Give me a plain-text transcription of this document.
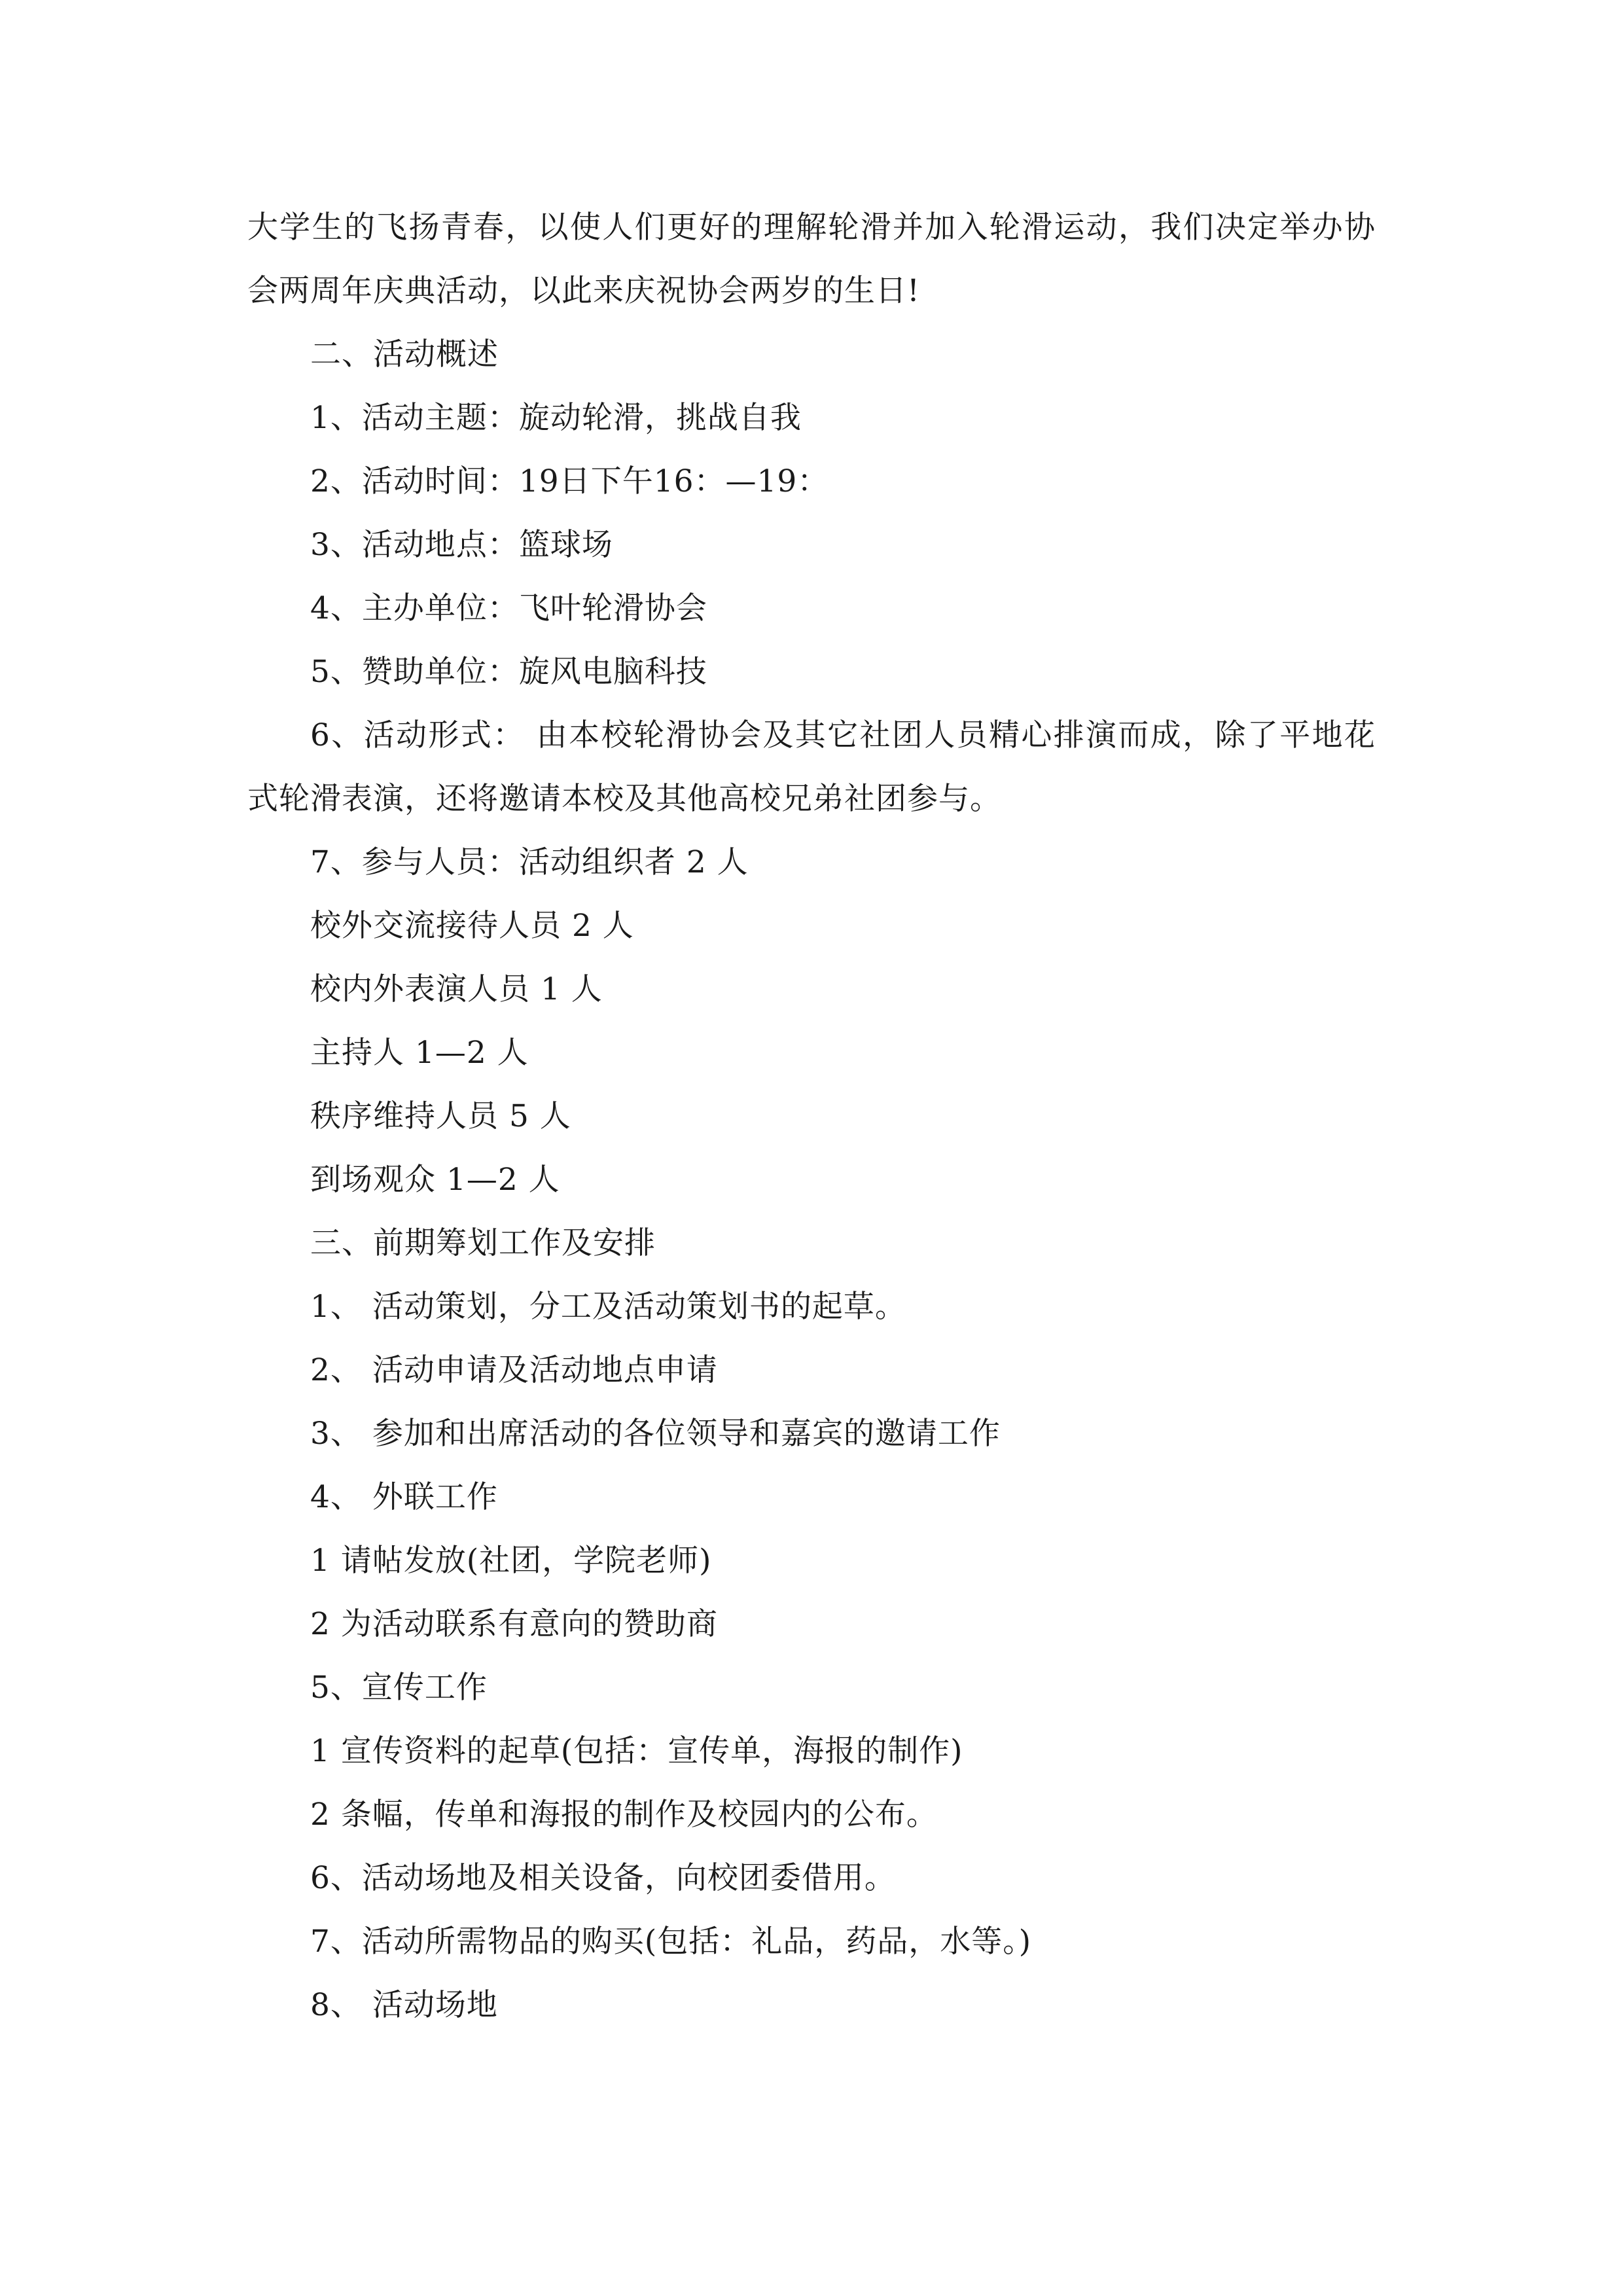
大学生的飞扬青春，以使人们更好的理解轮滑并加入轮滑运动，我们决定举办协
会两周年庆典活动，以此来庆祝协会两岁的生日!
二、活动概述
1、活动主题：旋动轮滑，挑战自我
2、活动时间：19日下午16：—19：
3、活动地点：篮球场
4、主办单位：飞叶轮滑协会
5、赞助单位：旋风电脑科技
6、活动形式： 由本校轮滑协会及其它社团人员精心排演而成，除了平地花
式轮滑表演，还将邀请本校及其他高校兄弟社团参与。
7、参与人员：活动组织者 2 人
校外交流接待人员 2 人
校内外表演人员 1 人
主持人 1—2 人
秩序维持人员 5 人
到场观众 1—2 人
三、前期筹划工作及安排
1、 活动策划，分工及活动策划书的起草。
2、 活动申请及活动地点申请
3、 参加和出席活动的各位领导和嘉宾的邀请工作
4、 外联工作
1 请帖发放(社团，学院老师)
2 为活动联系有意向的赞助商
5、宣传工作
1 宣传资料的起草(包括：宣传单，海报的制作)
2 条幅，传单和海报的制作及校园内的公布。
6、活动场地及相关设备，向校团委借用。
7、活动所需物品的购买(包括：礼品，药品，水等。)
8、 活动场地
